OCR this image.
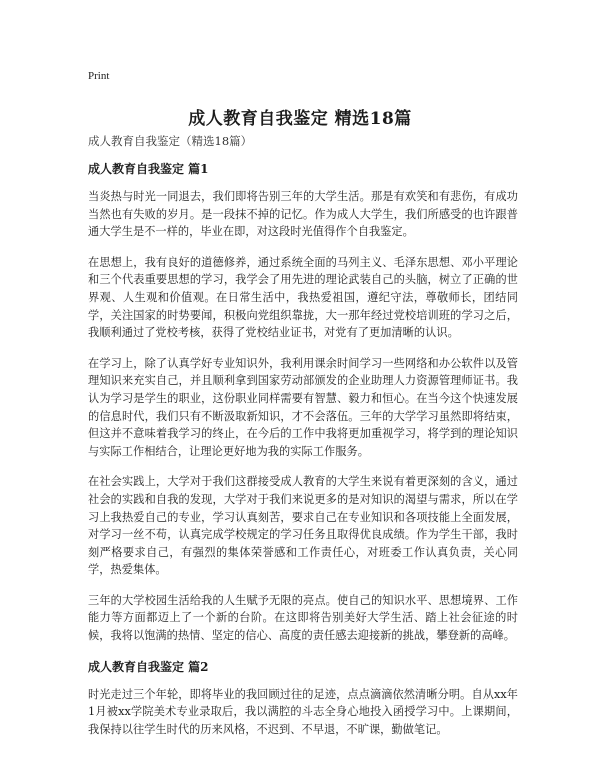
Print
成人教育自我鉴定 精选18篇
成人教育自我鉴定（精选18篇）
成人教育自我鉴定 篇1

当炎热与时光一同退去，我们即将告别三年的大学生活。那是有欢笑和有悲伤，有成功当然也有失败的岁月。是一段抹不掉的记忆。作为成人大学生，我们所感受的也许跟普通大学生是不一样的，毕业在即，对这段时光值得作个自我鉴定。

在思想上，我有良好的道德修养，通过系统全面的马列主义、毛泽东思想、邓小平理论和三个代表重要思想的学习，我学会了用先进的理论武装自己的头脑，树立了正确的世界观、人生观和价值观。在日常生活中，我热爱祖国，遵纪守法，尊敬师长，团结同学，关注国家的时势要闻，积极向党组织靠拢，大一那年经过党校培训班的学习之后，我顺利通过了党校考核，获得了党校结业证书，对党有了更加清晰的认识。

在学习上，除了认真学好专业知识外，我利用课余时间学习一些网络和办公软件以及管理知识来充实自己，并且顺利拿到国家劳动部颁发的企业助理人力资源管理师证书。我认为学习是学生的职业，这份职业同样需要有智慧、毅力和恒心。在当今这个快速发展的信息时代，我们只有不断汲取新知识，才不会落伍。三年的大学学习虽然即将结束，但这并不意味着我学习的终止，在今后的工作中我将更加重视学习，将学到的理论知识与实际工作相结合，让理论更好地为我的实际工作服务。

在社会实践上，大学对于我们这群接受成人教育的大学生来说有着更深刻的含义，通过社会的实践和自我的发现，大学对于我们来说更多的是对知识的渴望与需求，所以在学习上我热爱自己的专业，学习认真刻苦，要求自己在专业知识和各项技能上全面发展，对学习一丝不苟，认真完成学校规定的学习任务且取得优良成绩。作为学生干部，我时刻严格要求自己，有强烈的集体荣誉感和工作责任心，对班委工作认真负责，关心同学，热爱集体。

三年的大学校园生活给我的人生赋予无限的亮点。使自己的知识水平、思想境界、工作能力等方面都迈上了一个新的台阶。在这即将告别美好大学生活、踏上社会征途的时候，我将以饱满的热情、坚定的信心、高度的责任感去迎接新的挑战，攀登新的高峰。

成人教育自我鉴定 篇2

时光走过三个年轮，即将毕业的我回顾过往的足迹，点点滴滴依然清晰分明。自从xx年1月被xx学院美术专业录取后，我以满腔的斗志全身心地投入函授学习中。上课期间，我保持以往学生时代的历来风格，不迟到、不早退，不旷课，勤做笔记。
